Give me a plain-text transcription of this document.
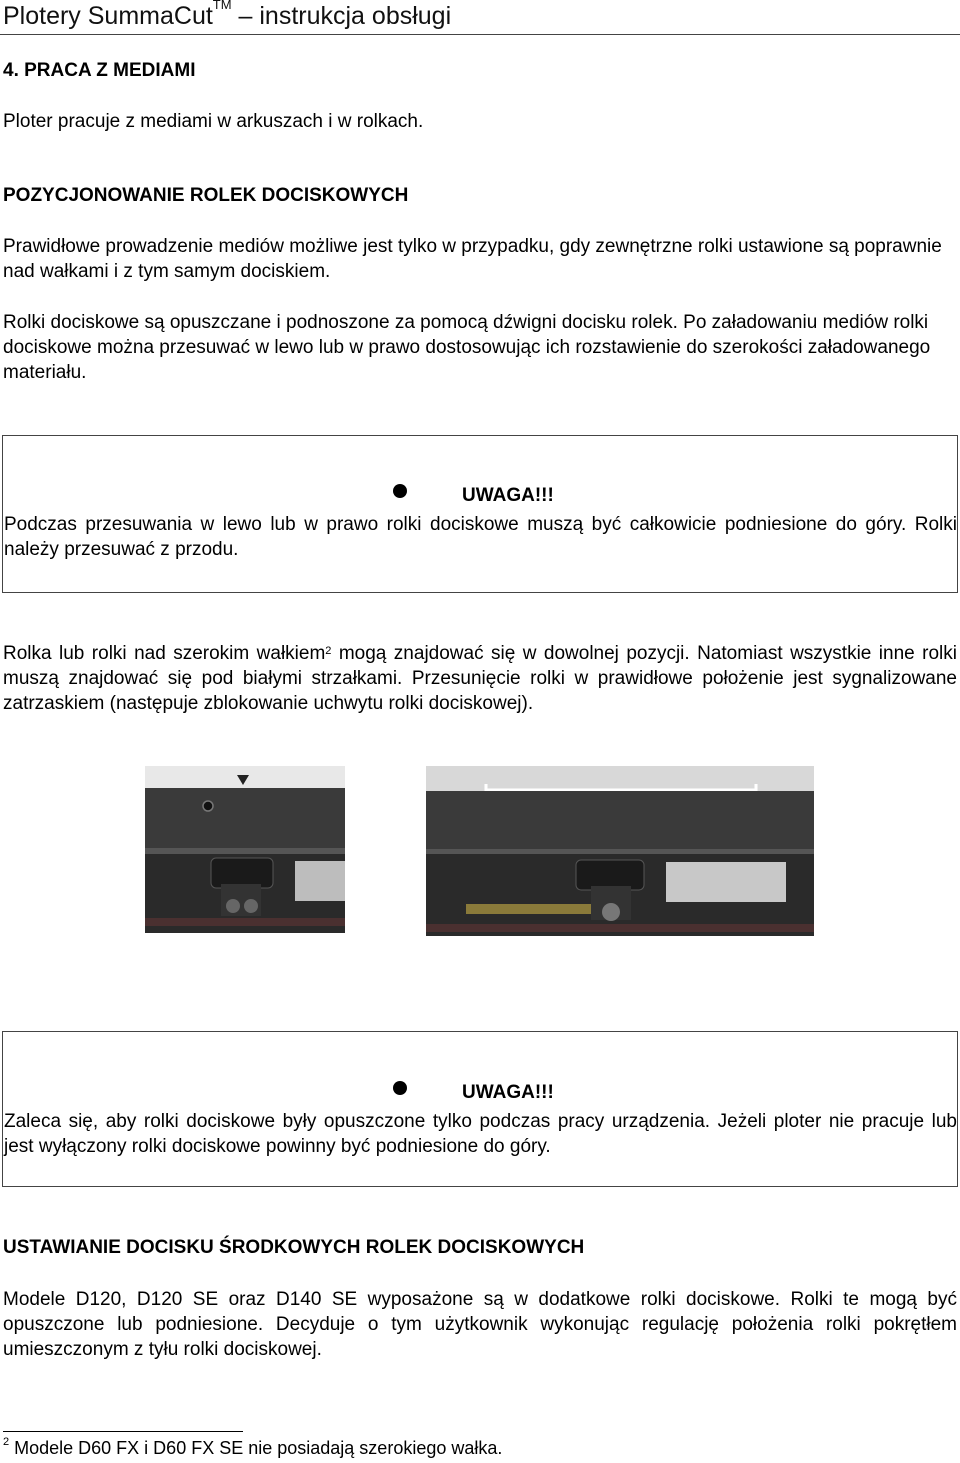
Plotery SummaCut™ – instrukcja obsługi
4. PRACA Z MEDIAMI
Ploter pracuje z mediami w arkuszach i w rolkach.
POZYCJONOWANIE ROLEK DOCISKOWYCH
Prawidłowe prowadzenie mediów możliwe jest tylko w przypadku, gdy zewnętrzne rolki ustawione są poprawnie nad wałkami i z tym samym dociskiem.
Rolki dociskowe są opuszczane i podnoszone za pomocą dźwigni docisku rolek. Po załadowaniu mediów rolki dociskowe można przesuwać w lewo lub w prawo dostosowując ich rozstawienie do szerokości załadowanego materiału.
UWAGA!!!
Podczas przesuwania w lewo lub w prawo rolki dociskowe muszą być całkowicie podniesione do góry. Rolki należy przesuwać z przodu.
Rolka lub rolki nad szerokim wałkiem$^2$ mogą znajdować się w dowolnej pozycji. Natomiast wszystkie inne rolki muszą znajdować się pod białymi strzałkami. Przesunięcie rolki w prawidłowe położenie jest sygnalizowane zatrzaskiem (następuje zblokowanie uchwytu rolki dociskowej).
UWAGA!!!
Zaleca się, aby rolki dociskowe były opuszczone tylko podczas pracy urządzenia. Jeżeli ploter nie pracuje lub jest wyłączony rolki dociskowe powinny być podniesione do góry.
USTAWIANIE DOCISKU ŚRODKOWYCH ROLEK DOCISKOWYCH
Modele D120, D120 SE oraz D140 SE wyposażone są w dodatkowe rolki dociskowe. Rolki te mogą być opuszczone lub podniesione. Decyduje o tym użytkownik wykonując regulację położenia rolki pokrętłem umieszczonym z tyłu rolki dociskowej.
$^2$ Modele D60 FX i D60 FX SE nie posiadają szerokiego wałka.
